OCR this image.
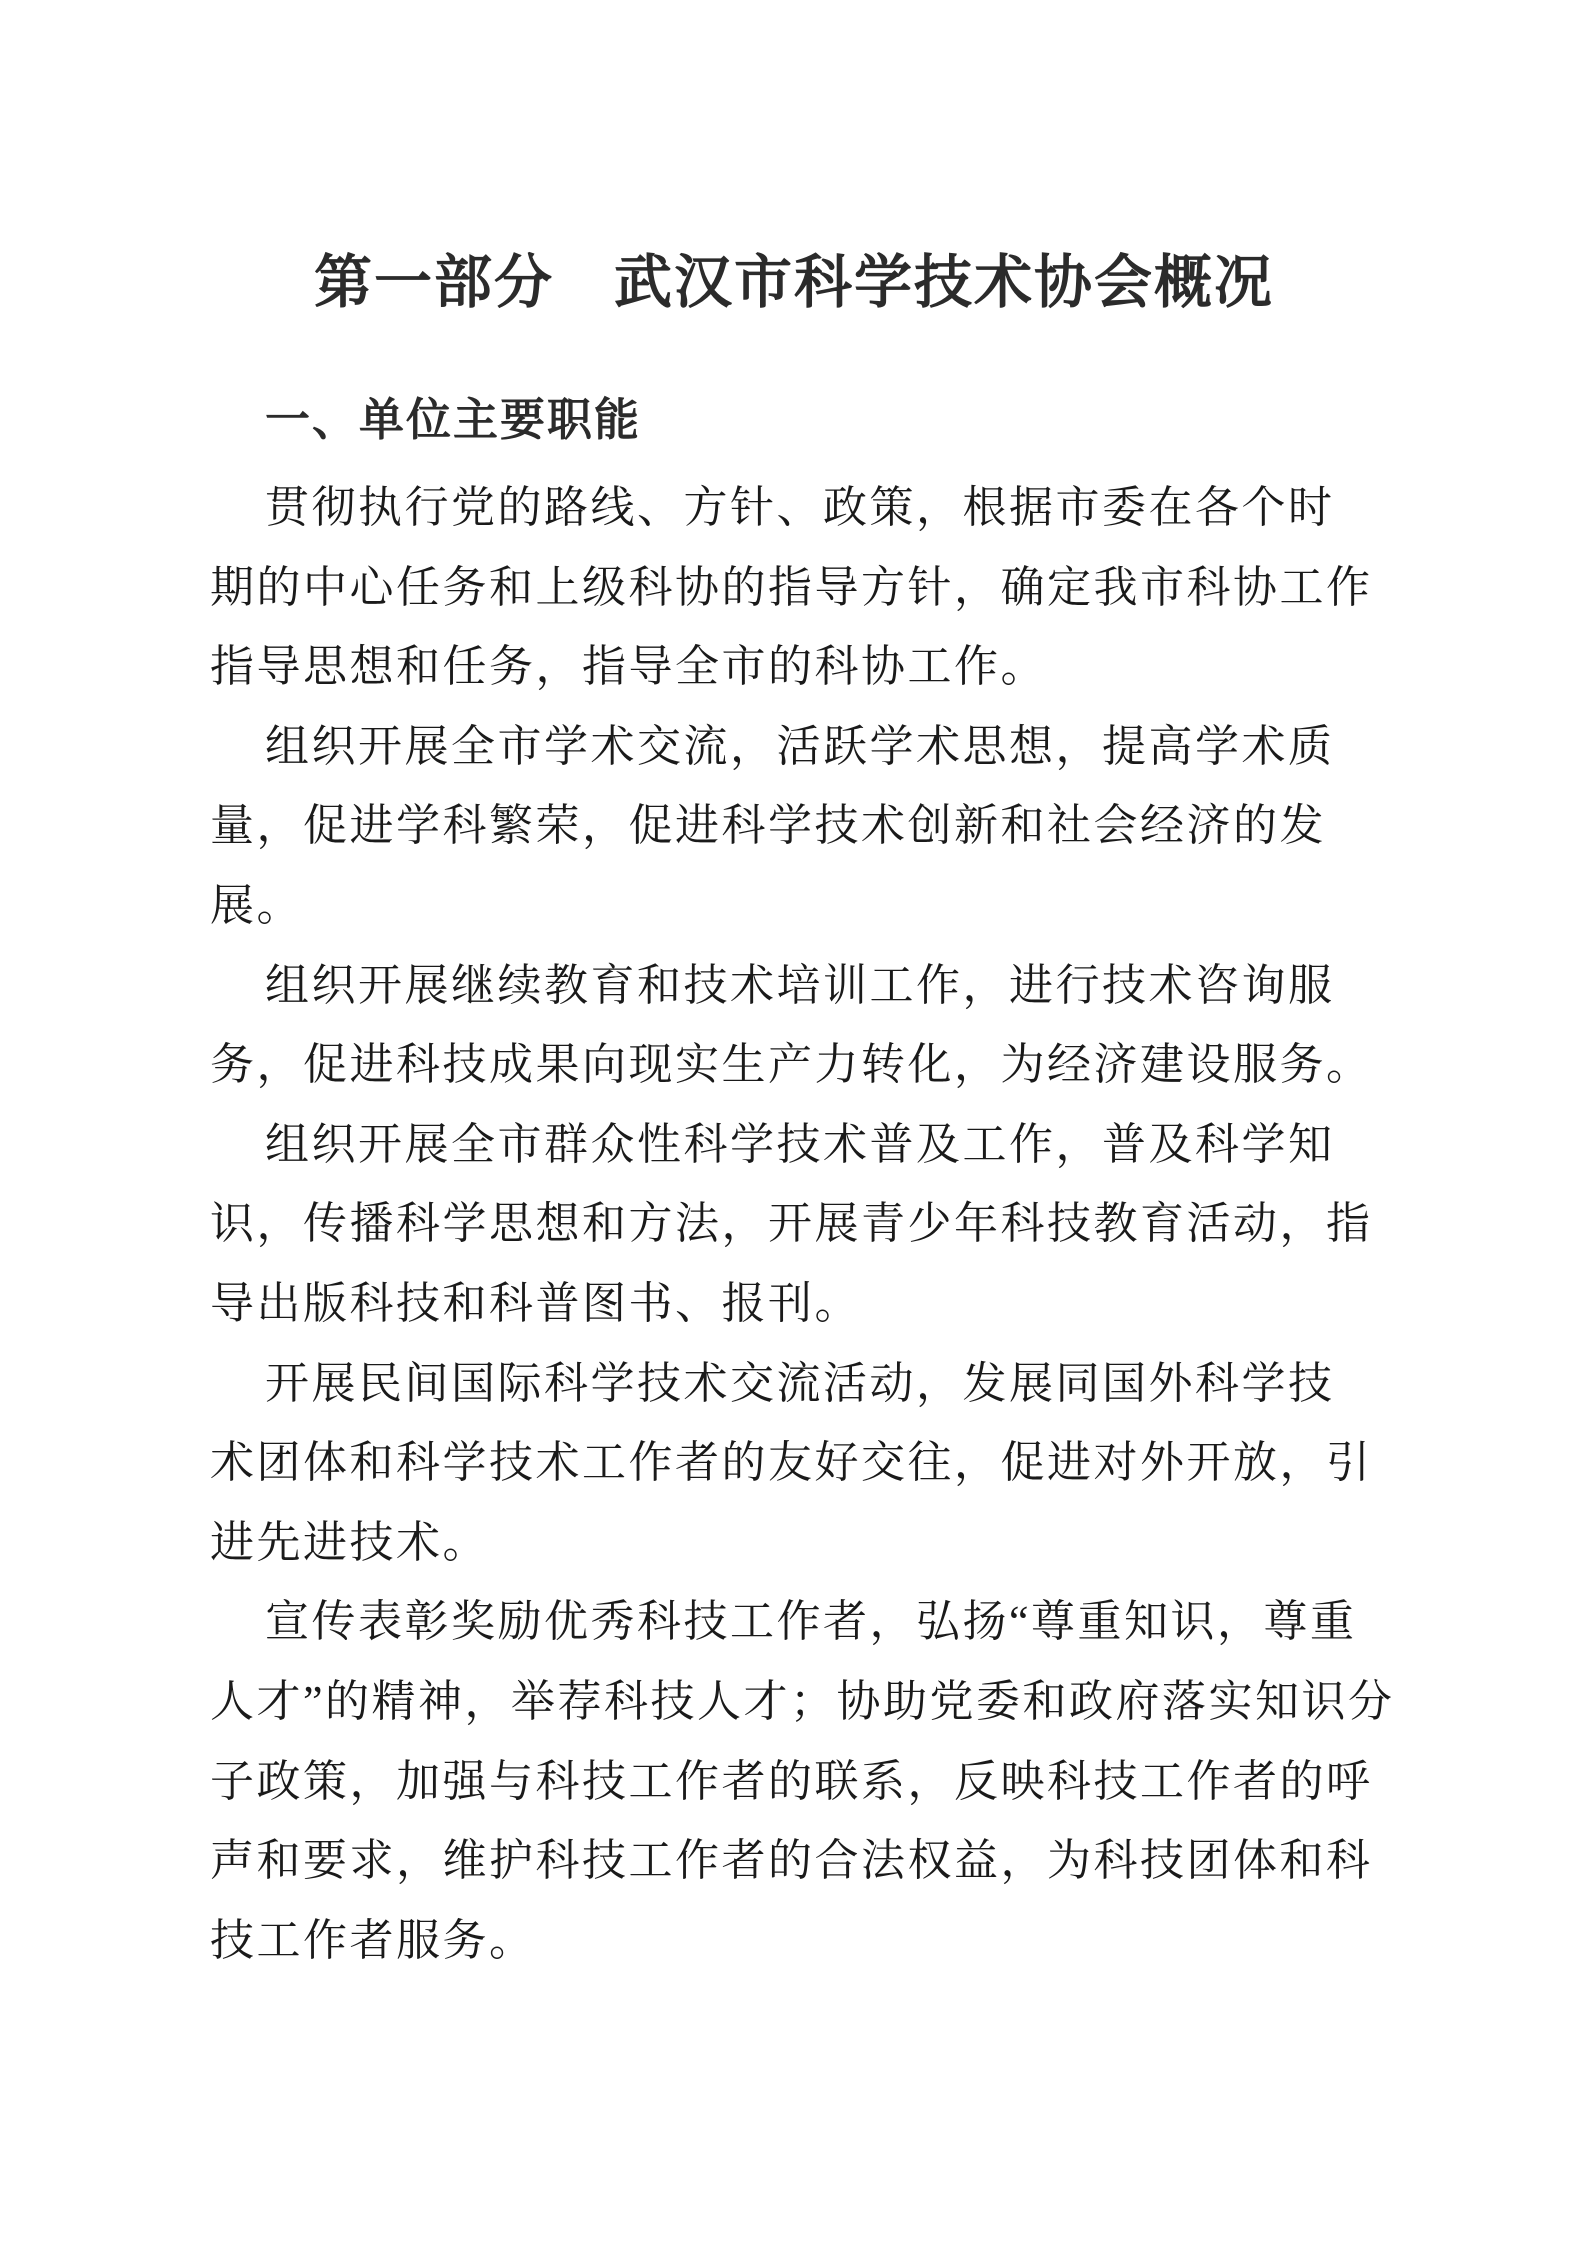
第一部分　武汉市科学技术协会概况
一、单位主要职能
贯彻执行党的路线、方针、政策，根据市委在各个时
期的中心任务和上级科协的指导方针，确定我市科协工作
指导思想和任务，指导全市的科协工作。
组织开展全市学术交流，活跃学术思想，提高学术质
量，促进学科繁荣，促进科学技术创新和社会经济的发
展。
组织开展继续教育和技术培训工作，进行技术咨询服
务，促进科技成果向现实生产力转化，为经济建设服务。
组织开展全市群众性科学技术普及工作，普及科学知
识，传播科学思想和方法，开展青少年科技教育活动，指
导出版科技和科普图书、报刊。
开展民间国际科学技术交流活动，发展同国外科学技
术团体和科学技术工作者的友好交往，促进对外开放，引
进先进技术。
宣传表彰奖励优秀科技工作者，弘扬“尊重知识，尊重
人才”的精神，举荐科技人才；协助党委和政府落实知识分
子政策，加强与科技工作者的联系，反映科技工作者的呼
声和要求，维护科技工作者的合法权益，为科技团体和科
技工作者服务。
